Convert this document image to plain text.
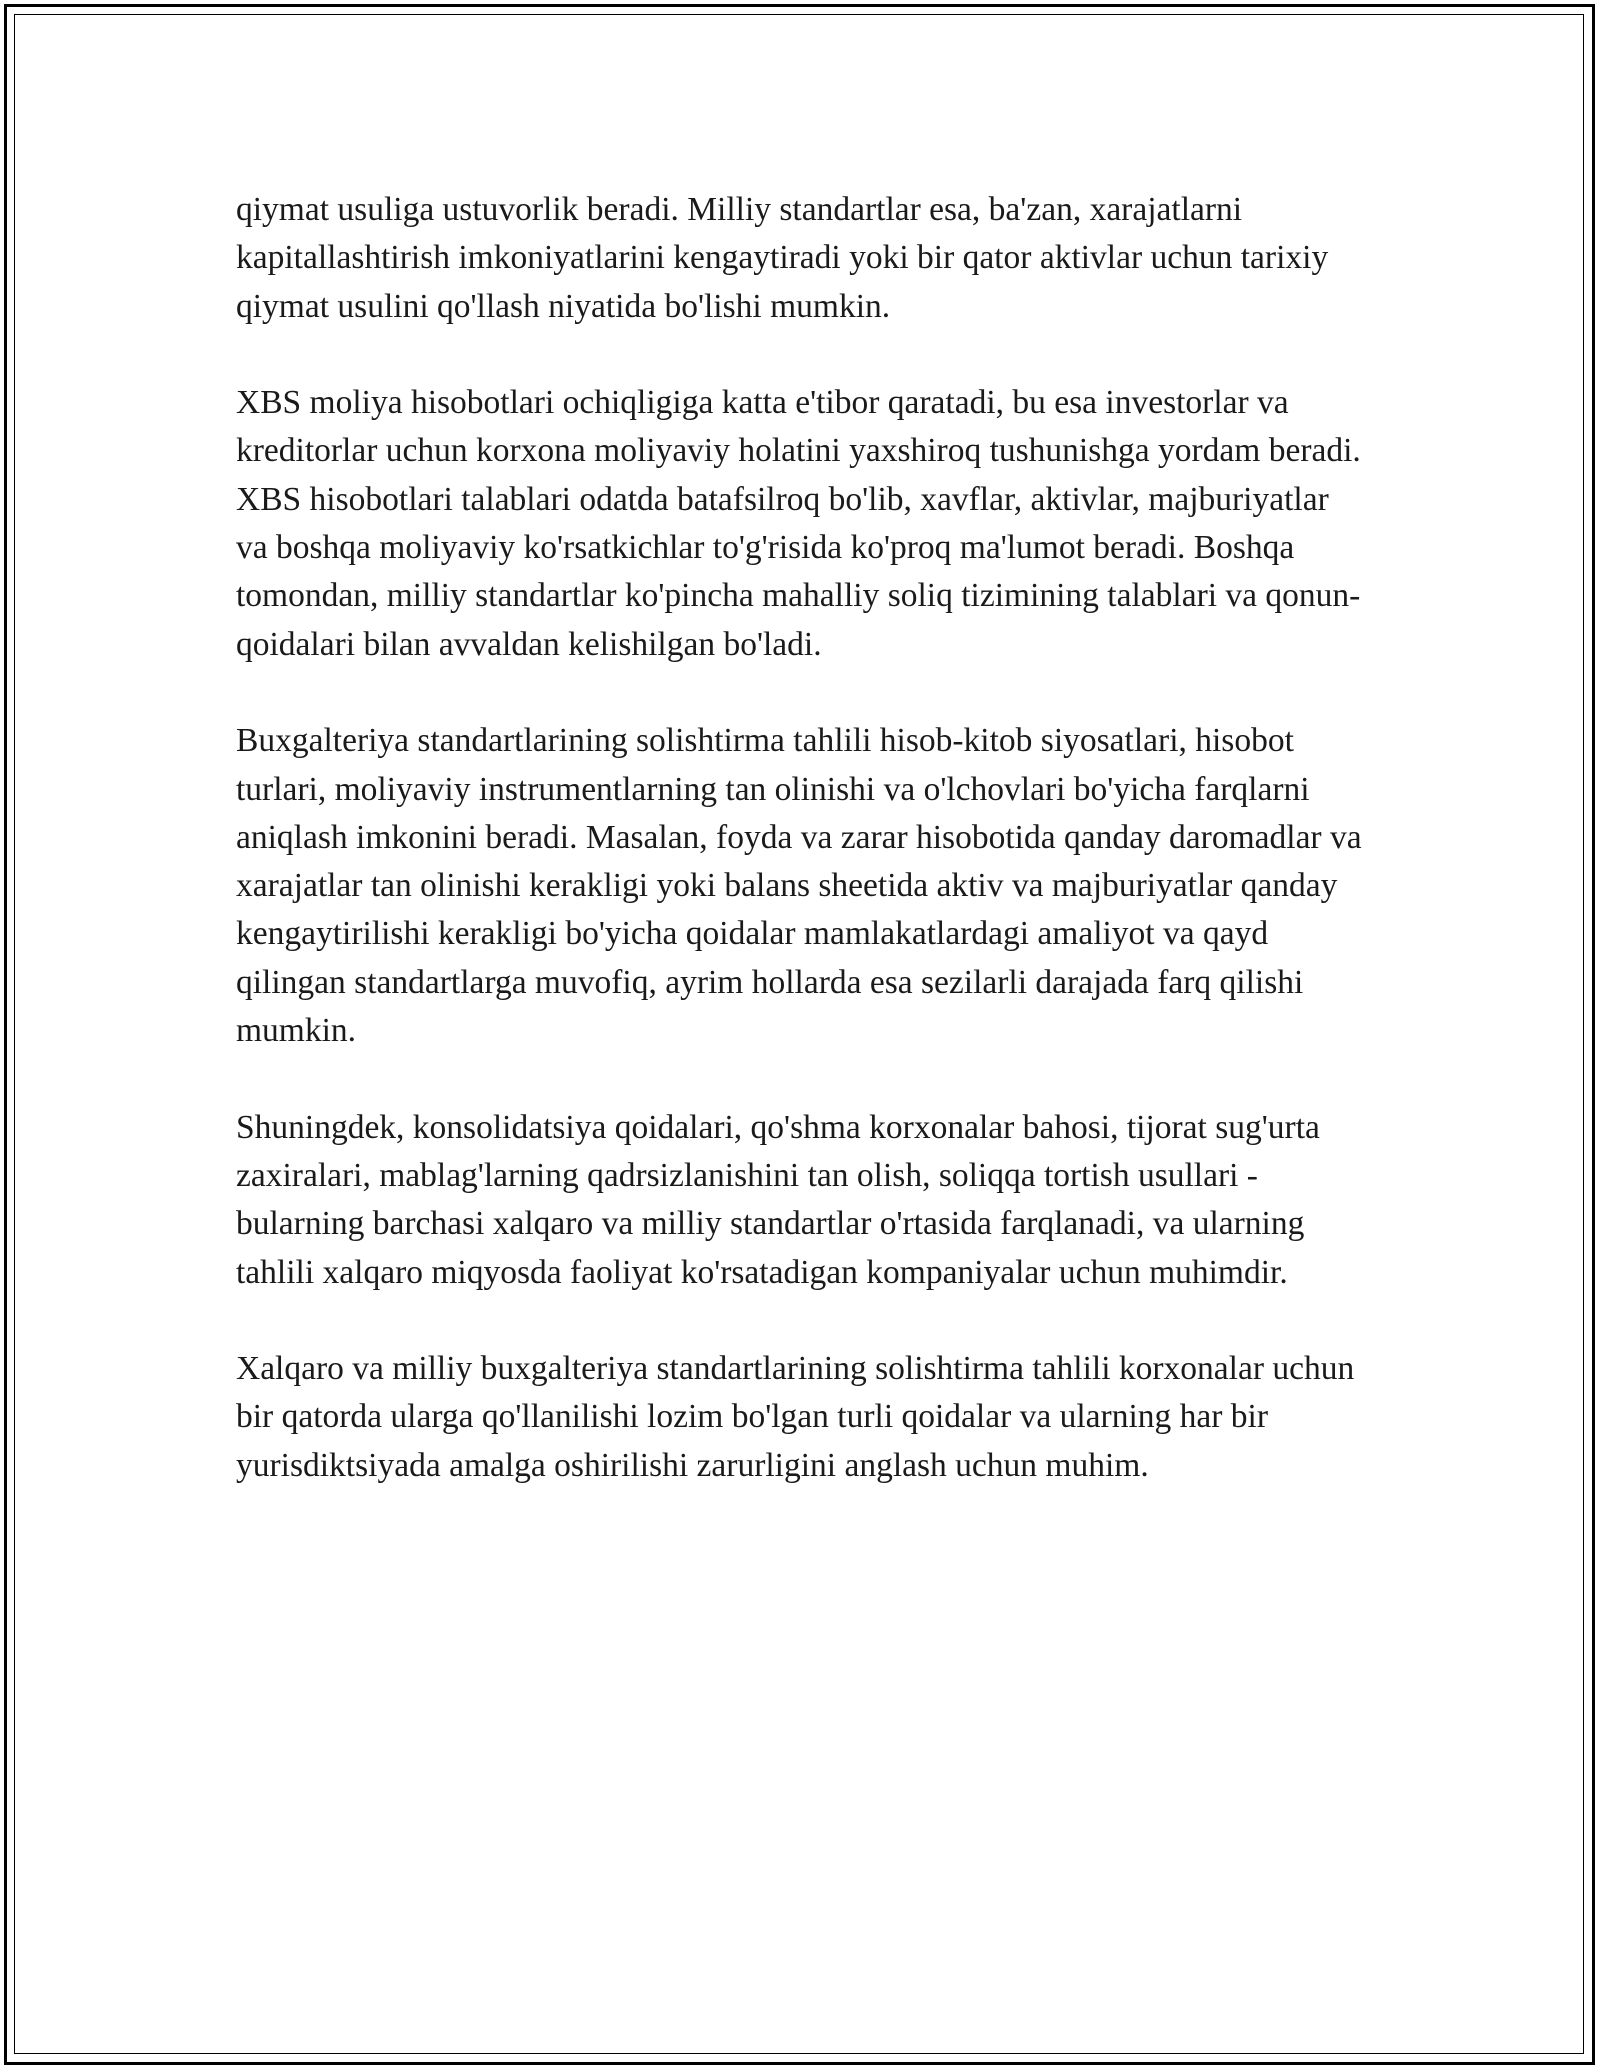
qiymat usuliga ustuvorlik beradi. Milliy standartlar esa, ba'zan, xarajatlarni kapitallashtirish imkoniyatlarini kengaytiradi yoki bir qator aktivlar uchun tarixiy qiymat usulini qo'llash niyatida bo'lishi mumkin.

XBS moliya hisobotlari ochiqligiga katta e'tibor qaratadi, bu esa investorlar va kreditorlar uchun korxona moliyaviy holatini yaxshiroq tushunishga yordam beradi. XBS hisobotlari talablari odatda batafsilroq bo'lib, xavflar, aktivlar, majburiyatlar va boshqa moliyaviy ko'rsatkichlar to'g'risida ko'proq ma'lumot beradi. Boshqa tomondan, milliy standartlar ko'pincha mahalliy soliq tizimining talablari va qonun-qoidalari bilan avvaldan kelishilgan bo'ladi.

Buxgalteriya standartlarining solishtirma tahlili hisob-kitob siyosatlari, hisobot turlari, moliyaviy instrumentlarning tan olinishi va o'lchovlari bo'yicha farqlarni aniqlash imkonini beradi. Masalan, foyda va zarar hisobotida qanday daromadlar va xarajatlar tan olinishi kerakligi yoki balans sheetida aktiv va majburiyatlar qanday kengaytirilishi kerakligi bo'yicha qoidalar mamlakatlardagi amaliyot va qayd qilingan standartlarga muvofiq, ayrim hollarda esa sezilarli darajada farq qilishi mumkin.

Shuningdek, konsolidatsiya qoidalari, qo'shma korxonalar bahosi, tijorat sug'urta zaxiralari, mablag'larning qadrsizlanishini tan olish, soliqqa tortish usullari - bularning barchasi xalqaro va milliy standartlar o'rtasida farqlanadi, va ularning tahlili xalqaro miqyosda faoliyat ko'rsatadigan kompaniyalar uchun muhimdir.

Xalqaro va milliy buxgalteriya standartlarining solishtirma tahlili korxonalar uchun bir qatorda ularga qo'llanilishi lozim bo'lgan turli qoidalar va ularning har bir yurisdiktsiyada amalga oshirilishi zarurligini anglash uchun muhim.
